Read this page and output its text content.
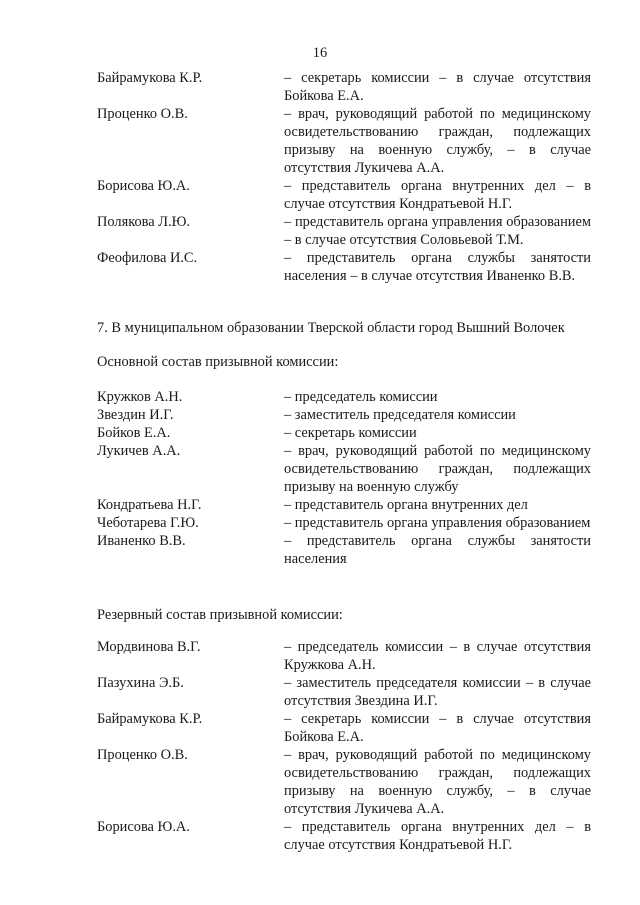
16
Байрамукова К.Р.	– секретарь комиссии – в случае отсутствия Бойкова Е.А.
Проценко О.В.	– врач, руководящий работой по медицинскому освидетельствованию граждан, подлежащих призыву на военную службу, – в случае отсутствия Лукичева А.А.
Борисова Ю.А.	– представитель органа внутренних дел – в случае отсутствия Кондратьевой Н.Г.
Полякова Л.Ю.	– представитель органа управления образованием – в случае отсутствия Соловьевой Т.М.
Феофилова И.С.	– представитель органа службы занятости населения – в случае отсутствия Иваненко В.В.
7. В муниципальном образовании Тверской области город Вышний Волочек
Основной состав призывной комиссии:
Кружков А.Н.	– председатель комиссии
Звездин И.Г.	– заместитель председателя комиссии
Бойков Е.А.	– секретарь комиссии
Лукичев А.А.	– врач, руководящий работой по медицинскому освидетельствованию граждан, подлежащих призыву на военную службу
Кондратьева Н.Г.	– представитель органа внутренних дел
Чеботарева Г.Ю.	– представитель органа управления образованием
Иваненко В.В.	– представитель органа службы занятости населения
Резервный состав призывной комиссии:
Мордвинова В.Г.	– председатель комиссии – в случае отсутствия Кружкова А.Н.
Пазухина Э.Б.	– заместитель председателя комиссии – в случае отсутствия Звездина И.Г.
Байрамукова К.Р.	– секретарь комиссии – в случае отсутствия Бойкова Е.А.
Проценко О.В.	– врач, руководящий работой по медицинскому освидетельствованию граждан, подлежащих призыву на военную службу, – в случае отсутствия Лукичева А.А.
Борисова Ю.А.	– представитель органа внутренних дел – в случае отсутствия Кондратьевой Н.Г.
